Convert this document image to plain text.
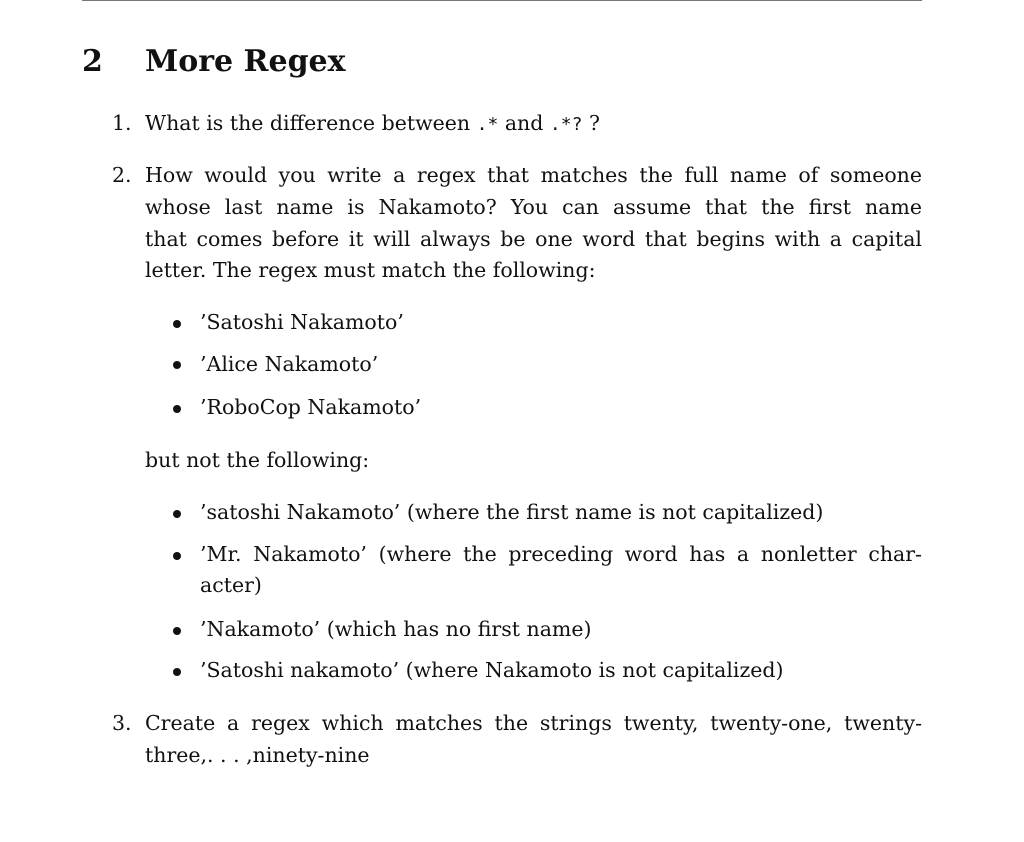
2 More Regex
1. What is the difference between .* and .*? ?
2. How would you write a regex that matches the full name of someone
whose last name is Nakamoto? You can assume that the first name
that comes before it will always be one word that begins with a capital
letter. The regex must match the following:
’Satoshi Nakamoto’
’Alice Nakamoto’
’RoboCop Nakamoto’
but not the following:
’satoshi Nakamoto’ (where the first name is not capitalized)
’Mr. Nakamoto’ (where the preceding word has a nonletter char-
acter)
’Nakamoto’ (which has no first name)
’Satoshi nakamoto’ (where Nakamoto is not capitalized)
3. Create a regex which matches the strings twenty, twenty-one, twenty-
three,. . . ,ninety-nine
